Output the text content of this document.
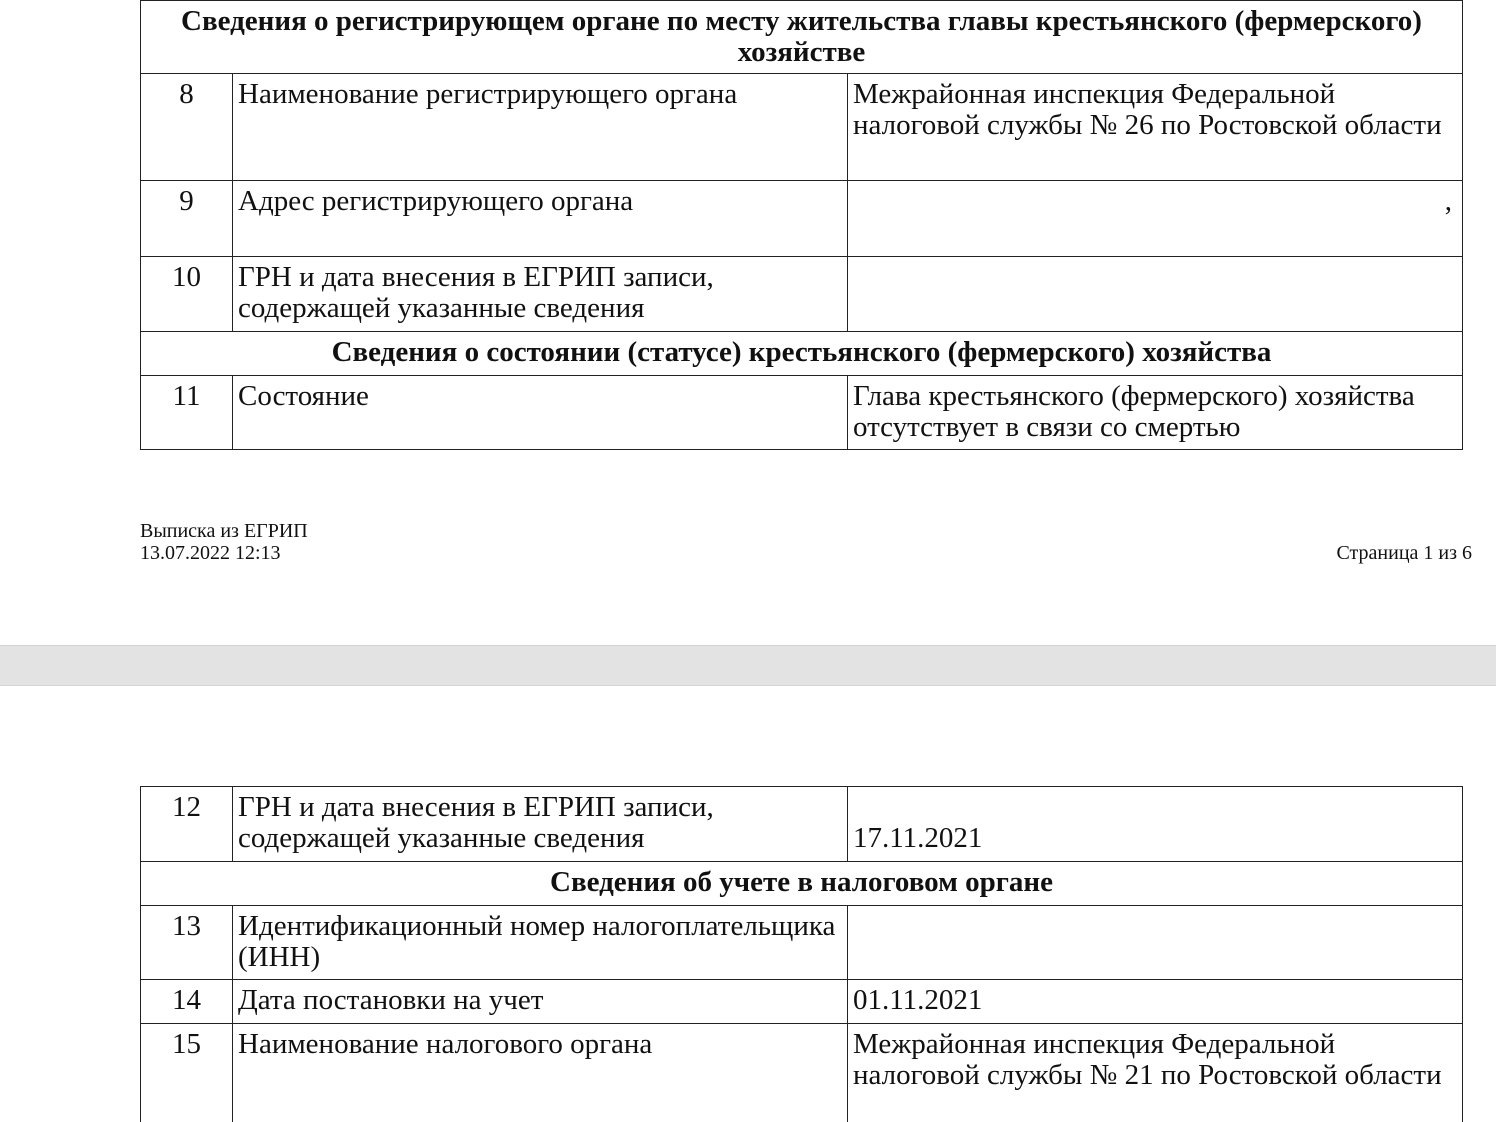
Сведения о регистрирующем органе по месту жительства главы крестьянского (фермерского) хозяйстве		
8	Наименование регистрирующего органа	Межрайонная инспекция Федеральной налоговой службы № 26 по Ростовской области
9	Адрес регистрирующего органа	,
10	ГРН и дата внесения в ЕГРИП записи, содержащей указанные сведения	
Сведения о состоянии (статусе) крестьянского (фермерского) хозяйства		
11	Состояние	Глава крестьянского (фермерского) хозяйства отсутствует в связи со смертью
Выписка из ЕГРИП
13.07.2022 12:13	Страница 1 из 6
12	ГРН и дата внесения в ЕГРИП записи, содержащей указанные сведения	17.11.2021
Сведения об учете в налоговом органе		
13	Идентификационный номер налогоплательщика (ИНН)	
14	Дата постановки на учет	01.11.2021
15	Наименование налогового органа	Межрайонная инспекция Федеральной налоговой службы № 21 по Ростовской области
